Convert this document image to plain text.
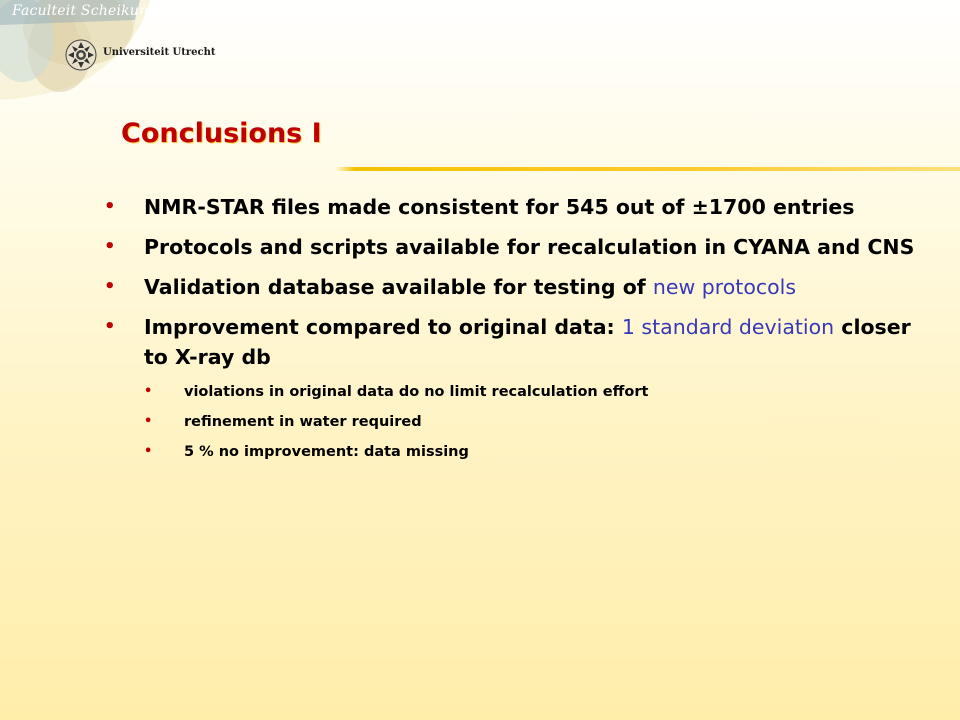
Faculteit Scheikunde
Universiteit Utrecht
Conclusions I
• NMR-STAR files made consistent for 545 out of ±1700 entries
• Protocols and scripts available for recalculation in CYANA and CNS
• Validation database available for testing of new protocols
• Improvement compared to original data: 1 standard deviation closer to X-ray db
• violations in original data do no limit recalculation effort
• refinement in water required
• 5 % no improvement: data missing
